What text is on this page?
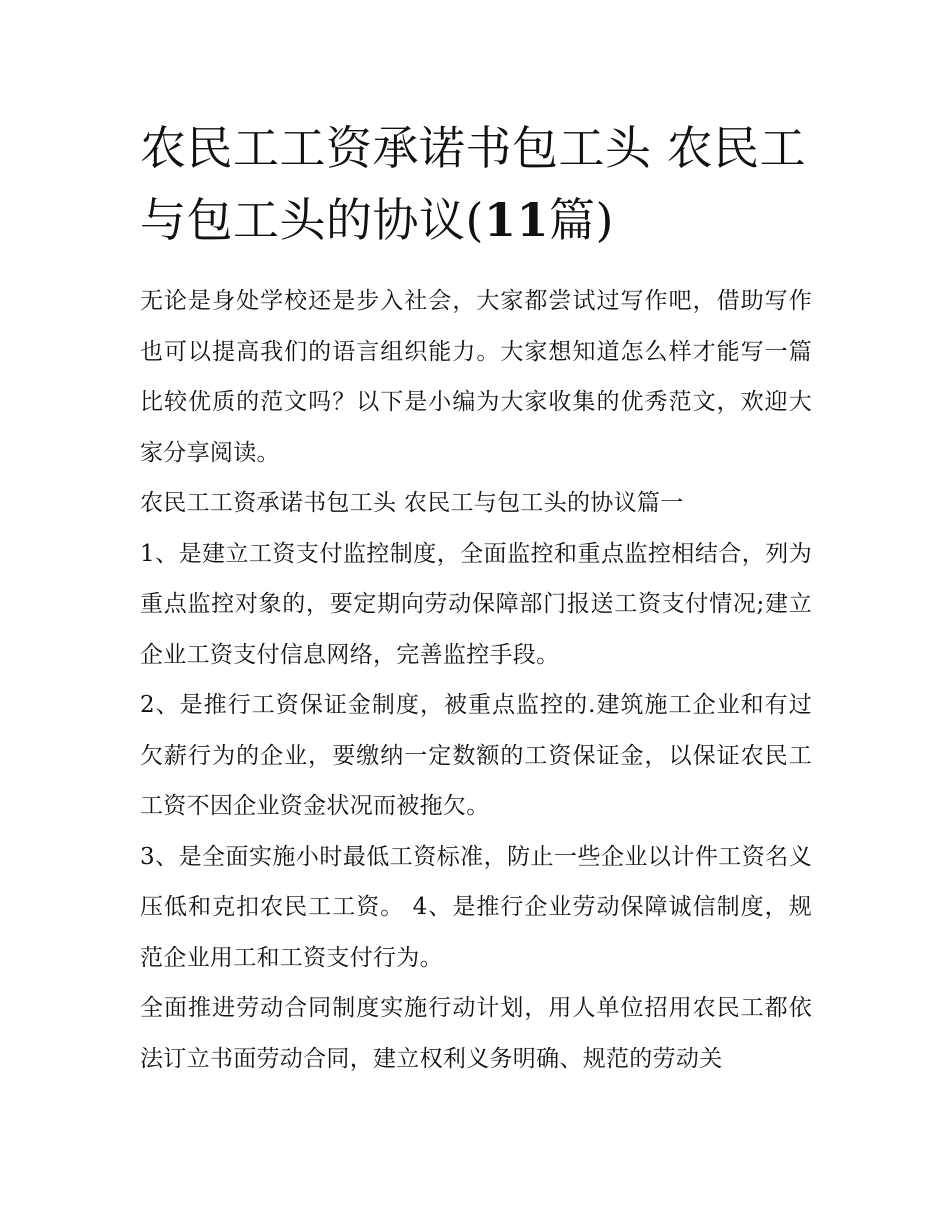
农民工工资承诺书包工头 农民工与包工头的协议(11篇)

无论是身处学校还是步入社会，大家都尝试过写作吧，借助写作也可以提高我们的语言组织能力。大家想知道怎么样才能写一篇比较优质的范文吗？以下是小编为大家收集的优秀范文，欢迎大家分享阅读。

农民工工资承诺书包工头 农民工与包工头的协议篇一

1、是建立工资支付监控制度，全面监控和重点监控相结合，列为重点监控对象的，要定期向劳动保障部门报送工资支付情况;建立企业工资支付信息网络，完善监控手段。

2、是推行工资保证金制度，被重点监控的.建筑施工企业和有过欠薪行为的企业，要缴纳一定数额的工资保证金，以保证农民工工资不因企业资金状况而被拖欠。

3、是全面实施小时最低工资标准，防止一些企业以计件工资名义压低和克扣农民工工资。 4、是推行企业劳动保障诚信制度，规范企业用工和工资支付行为。

全面推进劳动合同制度实施行动计划，用人单位招用农民工都依法订立书面劳动合同，建立权利义务明确、规范的劳动关
